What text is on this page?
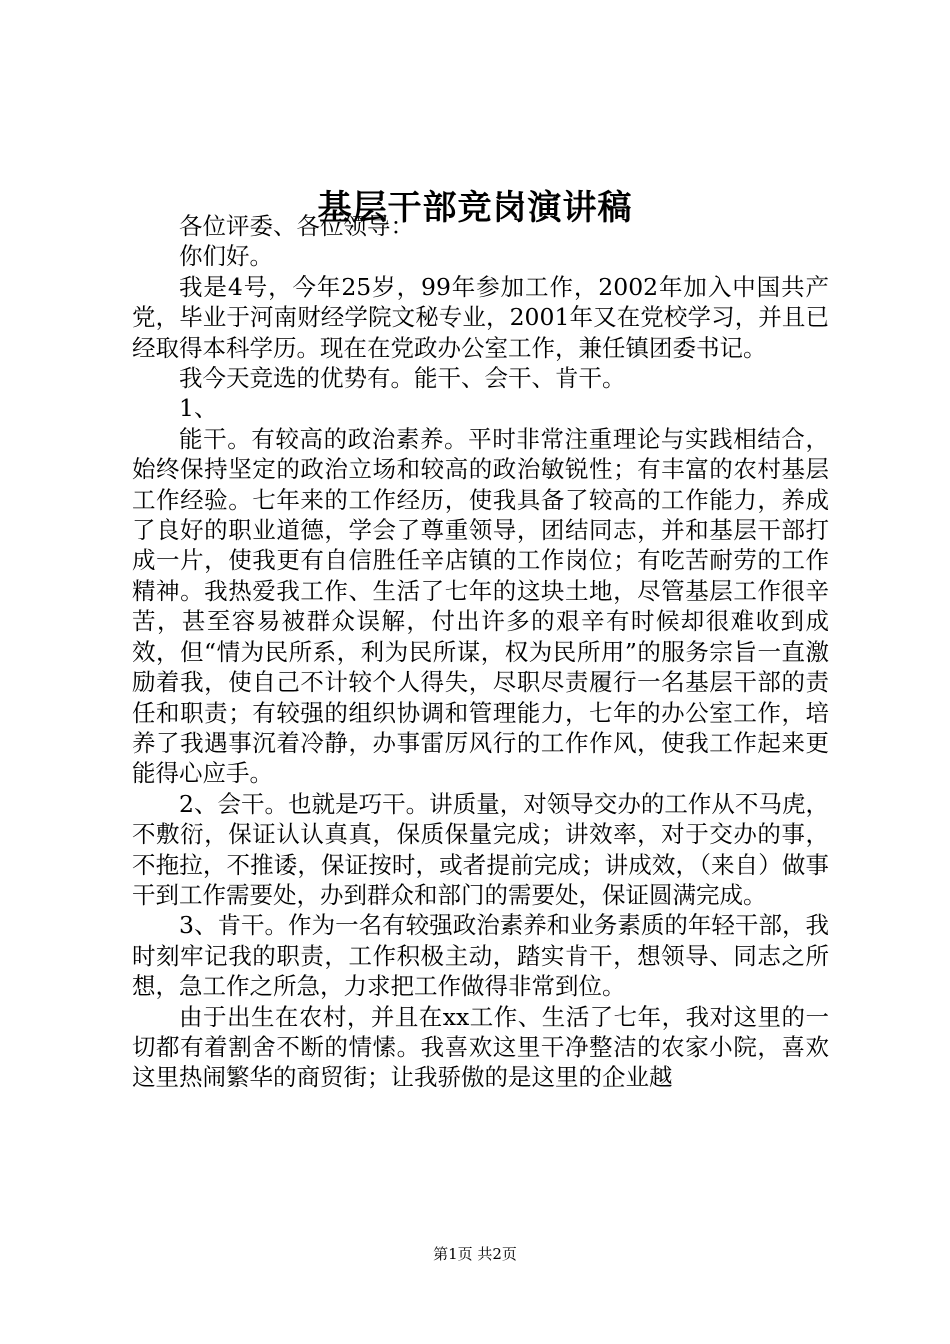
基层干部竞岗演讲稿

各位评委、各位领导：

你们好。

我是4号，今年25岁，99年参加工作，2002年加入中国共产党，毕业于河南财经学院文秘专业，2001年又在党校学习，并且已经取得本科学历。现在在党政办公室工作，兼任镇团委书记。

我今天竞选的优势有。能干、会干、肯干。

1、

能干。有较高的政治素养。平时非常注重理论与实践相结合，始终保持坚定的政治立场和较高的政治敏锐性；有丰富的农村基层工作经验。七年来的工作经历，使我具备了较高的工作能力，养成了良好的职业道德，学会了尊重领导，团结同志，并和基层干部打成一片，使我更有自信胜任辛店镇的工作岗位；有吃苦耐劳的工作精神。我热爱我工作、生活了七年的这块土地，尽管基层工作很辛苦，甚至容易被群众误解，付出许多的艰辛有时候却很难收到成效，但“情为民所系，利为民所谋，权为民所用”的服务宗旨一直激励着我，使自己不计较个人得失，尽职尽责履行一名基层干部的责任和职责；有较强的组织协调和管理能力，七年的办公室工作，培养了我遇事沉着冷静，办事雷厉风行的工作作风，使我工作起来更能得心应手。

2、会干。也就是巧干。讲质量，对领导交办的工作从不马虎，不敷衍，保证认认真真，保质保量完成；讲效率，对于交办的事，不拖拉，不推诿，保证按时，或者提前完成；讲成效，（来自）做事干到工作需要处，办到群众和部门的需要处，保证圆满完成。

3、肯干。作为一名有较强政治素养和业务素质的年轻干部，我时刻牢记我的职责，工作积极主动，踏实肯干，想领导、同志之所想，急工作之所急，力求把工作做得非常到位。

由于出生在农村，并且在xx工作、生活了七年，我对这里的一切都有着割舍不断的情愫。我喜欢这里干净整洁的农家小院，喜欢这里热闹繁华的商贸街；让我骄傲的是这里的企业越

第1页 共2页
